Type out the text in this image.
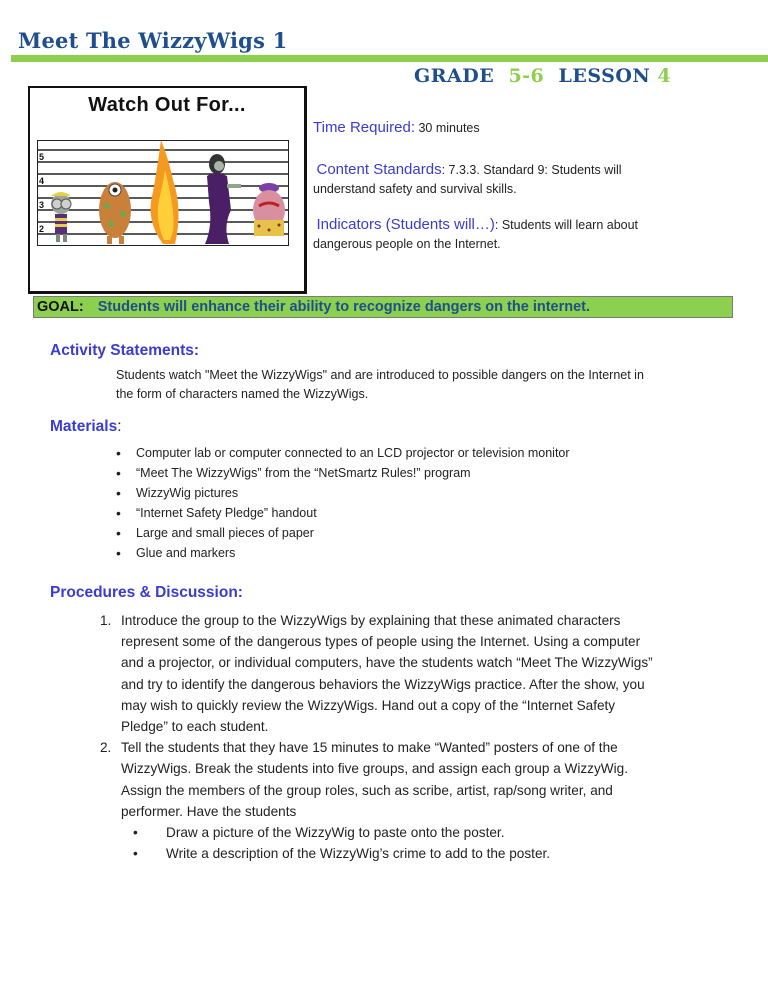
Meet The WizzyWigs 1
GRADE 5-6 LESSON 4
Watch Out For...
5
4
3
2
Time Required: 30 minutes
Content Standards: 7.3.3. Standard 9: Students will understand safety and survival skills.
Indicators (Students will…): Students will learn about dangerous people on the Internet.
GOAL: Students will enhance their ability to recognize dangers on the internet.
Activity Statements:
Students watch "Meet the WizzyWigs" and are introduced to possible dangers on the Internet in the form of characters named the WizzyWigs.
Materials:
• Computer lab or computer connected to an LCD projector or television monitor
• “Meet The WizzyWigs” from the “NetSmartz Rules!” program
• WizzyWig pictures
• “Internet Safety Pledge” handout
• Large and small pieces of paper
• Glue and markers
Procedures & Discussion:
1. Introduce the group to the WizzyWigs by explaining that these animated characters represent some of the dangerous types of people using the Internet. Using a computer and a projector, or individual computers, have the students watch “Meet The WizzyWigs” and try to identify the dangerous behaviors the WizzyWigs practice. After the show, you may wish to quickly review the WizzyWigs. Hand out a copy of the “Internet Safety Pledge” to each student.
2. Tell the students that they have 15 minutes to make “Wanted” posters of one of the WizzyWigs. Break the students into five groups, and assign each group a WizzyWig. Assign the members of the group roles, such as scribe, artist, rap/song writer, and performer. Have the students
• Draw a picture of the WizzyWig to paste onto the poster.
• Write a description of the WizzyWig’s crime to add to the poster.
